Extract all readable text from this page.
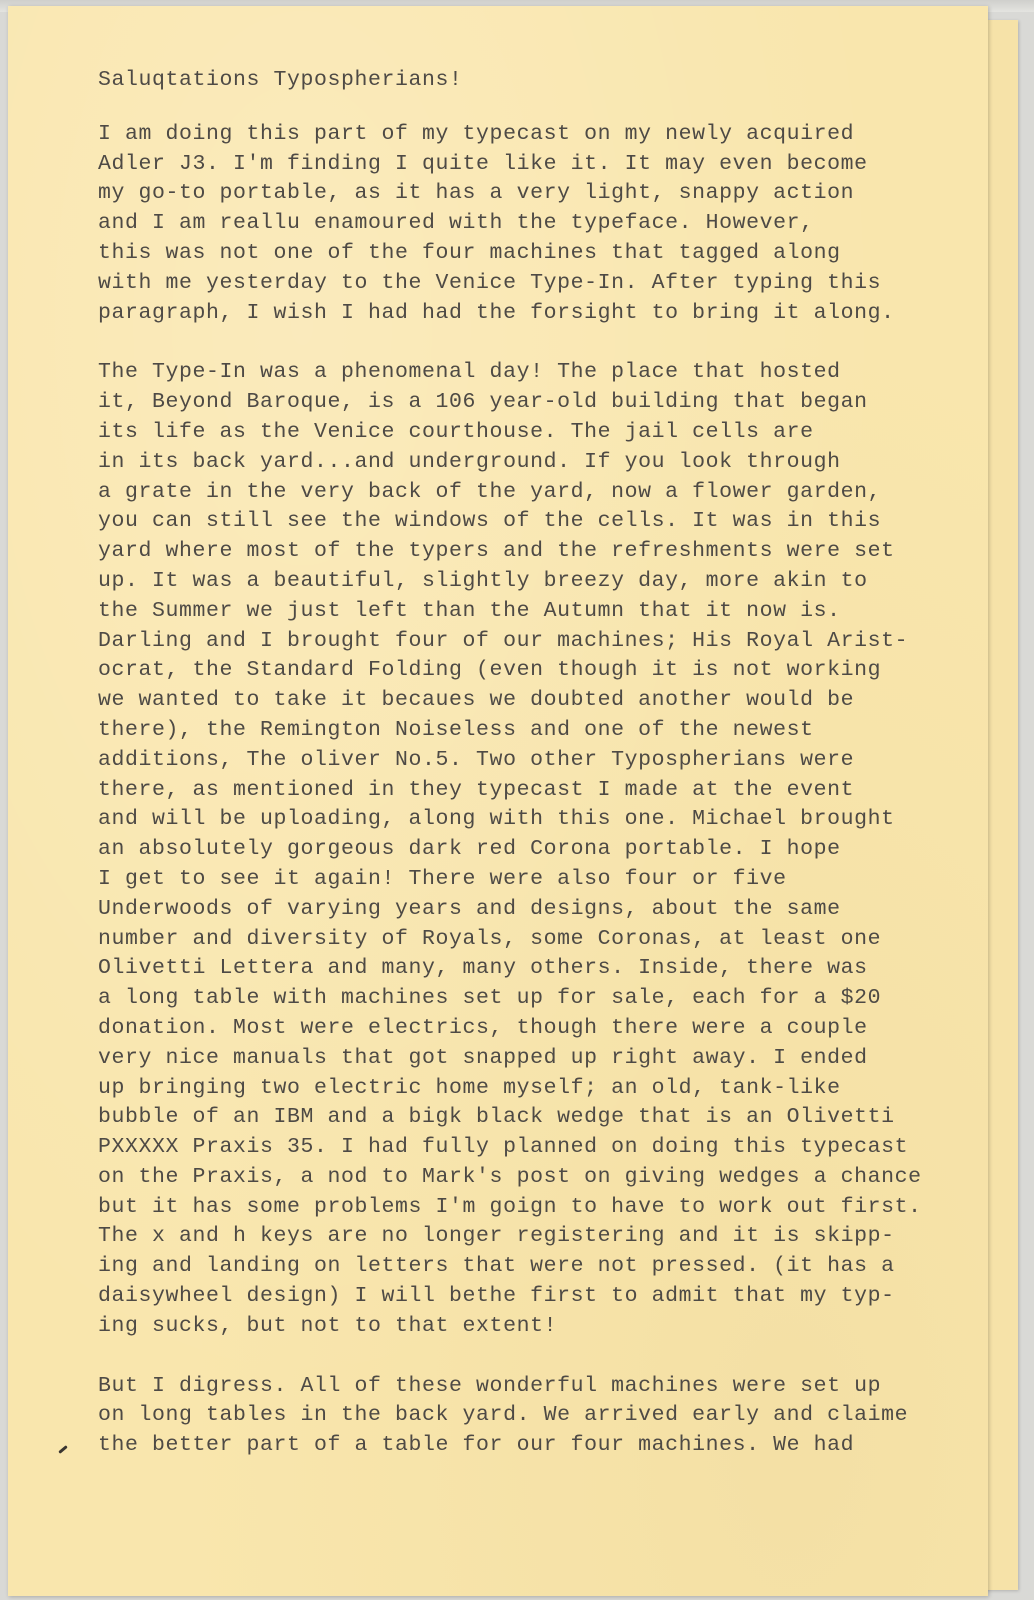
Saluqtations Typospherians!
I am doing this part of my typecast on my newly acquired
Adler J3. I'm finding I quite like it. It may even become
my go-to portable, as it has a very light, snappy action
and I am reallu enamoured with the typeface. However,
this was not one of the four machines that tagged along
with me yesterday to the Venice Type-In. After typing this
paragraph, I wish I had had the forsight to bring it along.
The Type-In was a phenomenal day! The place that hosted
it, Beyond Baroque, is a 106 year-old building that began
its life as the Venice courthouse. The jail cells are
in its back yard...and underground. If you look through
a grate in the very back of the yard, now a flower garden,
you can still see the windows of the cells. It was in this
yard where most of the typers and the refreshments were set
up. It was a beautiful, slightly breezy day, more akin to
the Summer we just left than the Autumn that it now is.
Darling and I brought four of our machines; His Royal Arist-
ocrat, the Standard Folding (even though it is not working
we wanted to take it becaues we doubted another would be
there), the Remington Noiseless and one of the newest
additions, The oliver No.5. Two other Typospherians were
there, as mentioned in they typecast I made at the event
and will be uploading, along with this one. Michael brought
an absolutely gorgeous dark red Corona portable. I hope
I get to see it again! There were also four or five
Underwoods of varying years and designs, about the same
number and diversity of Royals, some Coronas, at least one
Olivetti Lettera and many, many others. Inside, there was
a long table with machines set up for sale, each for a $20
donation. Most were electrics, though there were a couple
very nice manuals that got snapped up right away. I ended
up bringing two electric home myself; an old, tank-like
bubble of an IBM and a bigk black wedge that is an Olivetti
PXXXXX Praxis 35. I had fully planned on doing this typecast
on the Praxis, a nod to Mark's post on giving wedges a chance
but it has some problems I'm goign to have to work out first.
The x and h keys are no longer registering and it is skipp-
ing and landing on letters that were not pressed. (it has a
daisywheel design) I will bethe first to admit that my typ-
ing sucks, but not to that extent!
But I digress. All of these wonderful machines were set up
on long tables in the back yard. We arrived early and claime
the better part of a table for our four machines. We had
